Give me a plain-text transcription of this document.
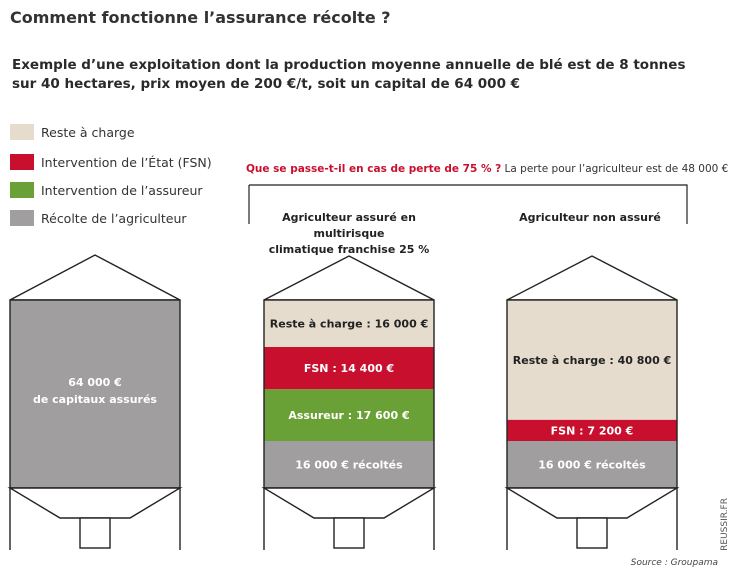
Comment fonctionne l’assurance récolte ?
Exemple d’une exploitation dont la production moyenne annuelle de blé est de 8 tonnes
sur 40 hectares, prix moyen de 200 €/t, soit un capital de 64 000 €
Reste à charge
Intervention de l’État (FSN)
Intervention de l’assureur
Récolte de l’agriculteur
Que se passe-t-il en cas de perte de 75 % ? La perte pour l’agriculteur est de 48 000 €
64 000 €
de capitaux assurés
Reste à charge : 16 000 €
FSN : 14 400 €
Assureur : 17 600 €
16 000 € récoltés
Reste à charge : 40 800 €
FSN : 7 200 €
16 000 € récoltés
Agriculteur assuré en multirisque
climatique franchise 25 %
Agriculteur non assuré
REUSSIR.FR
Source : Groupama
